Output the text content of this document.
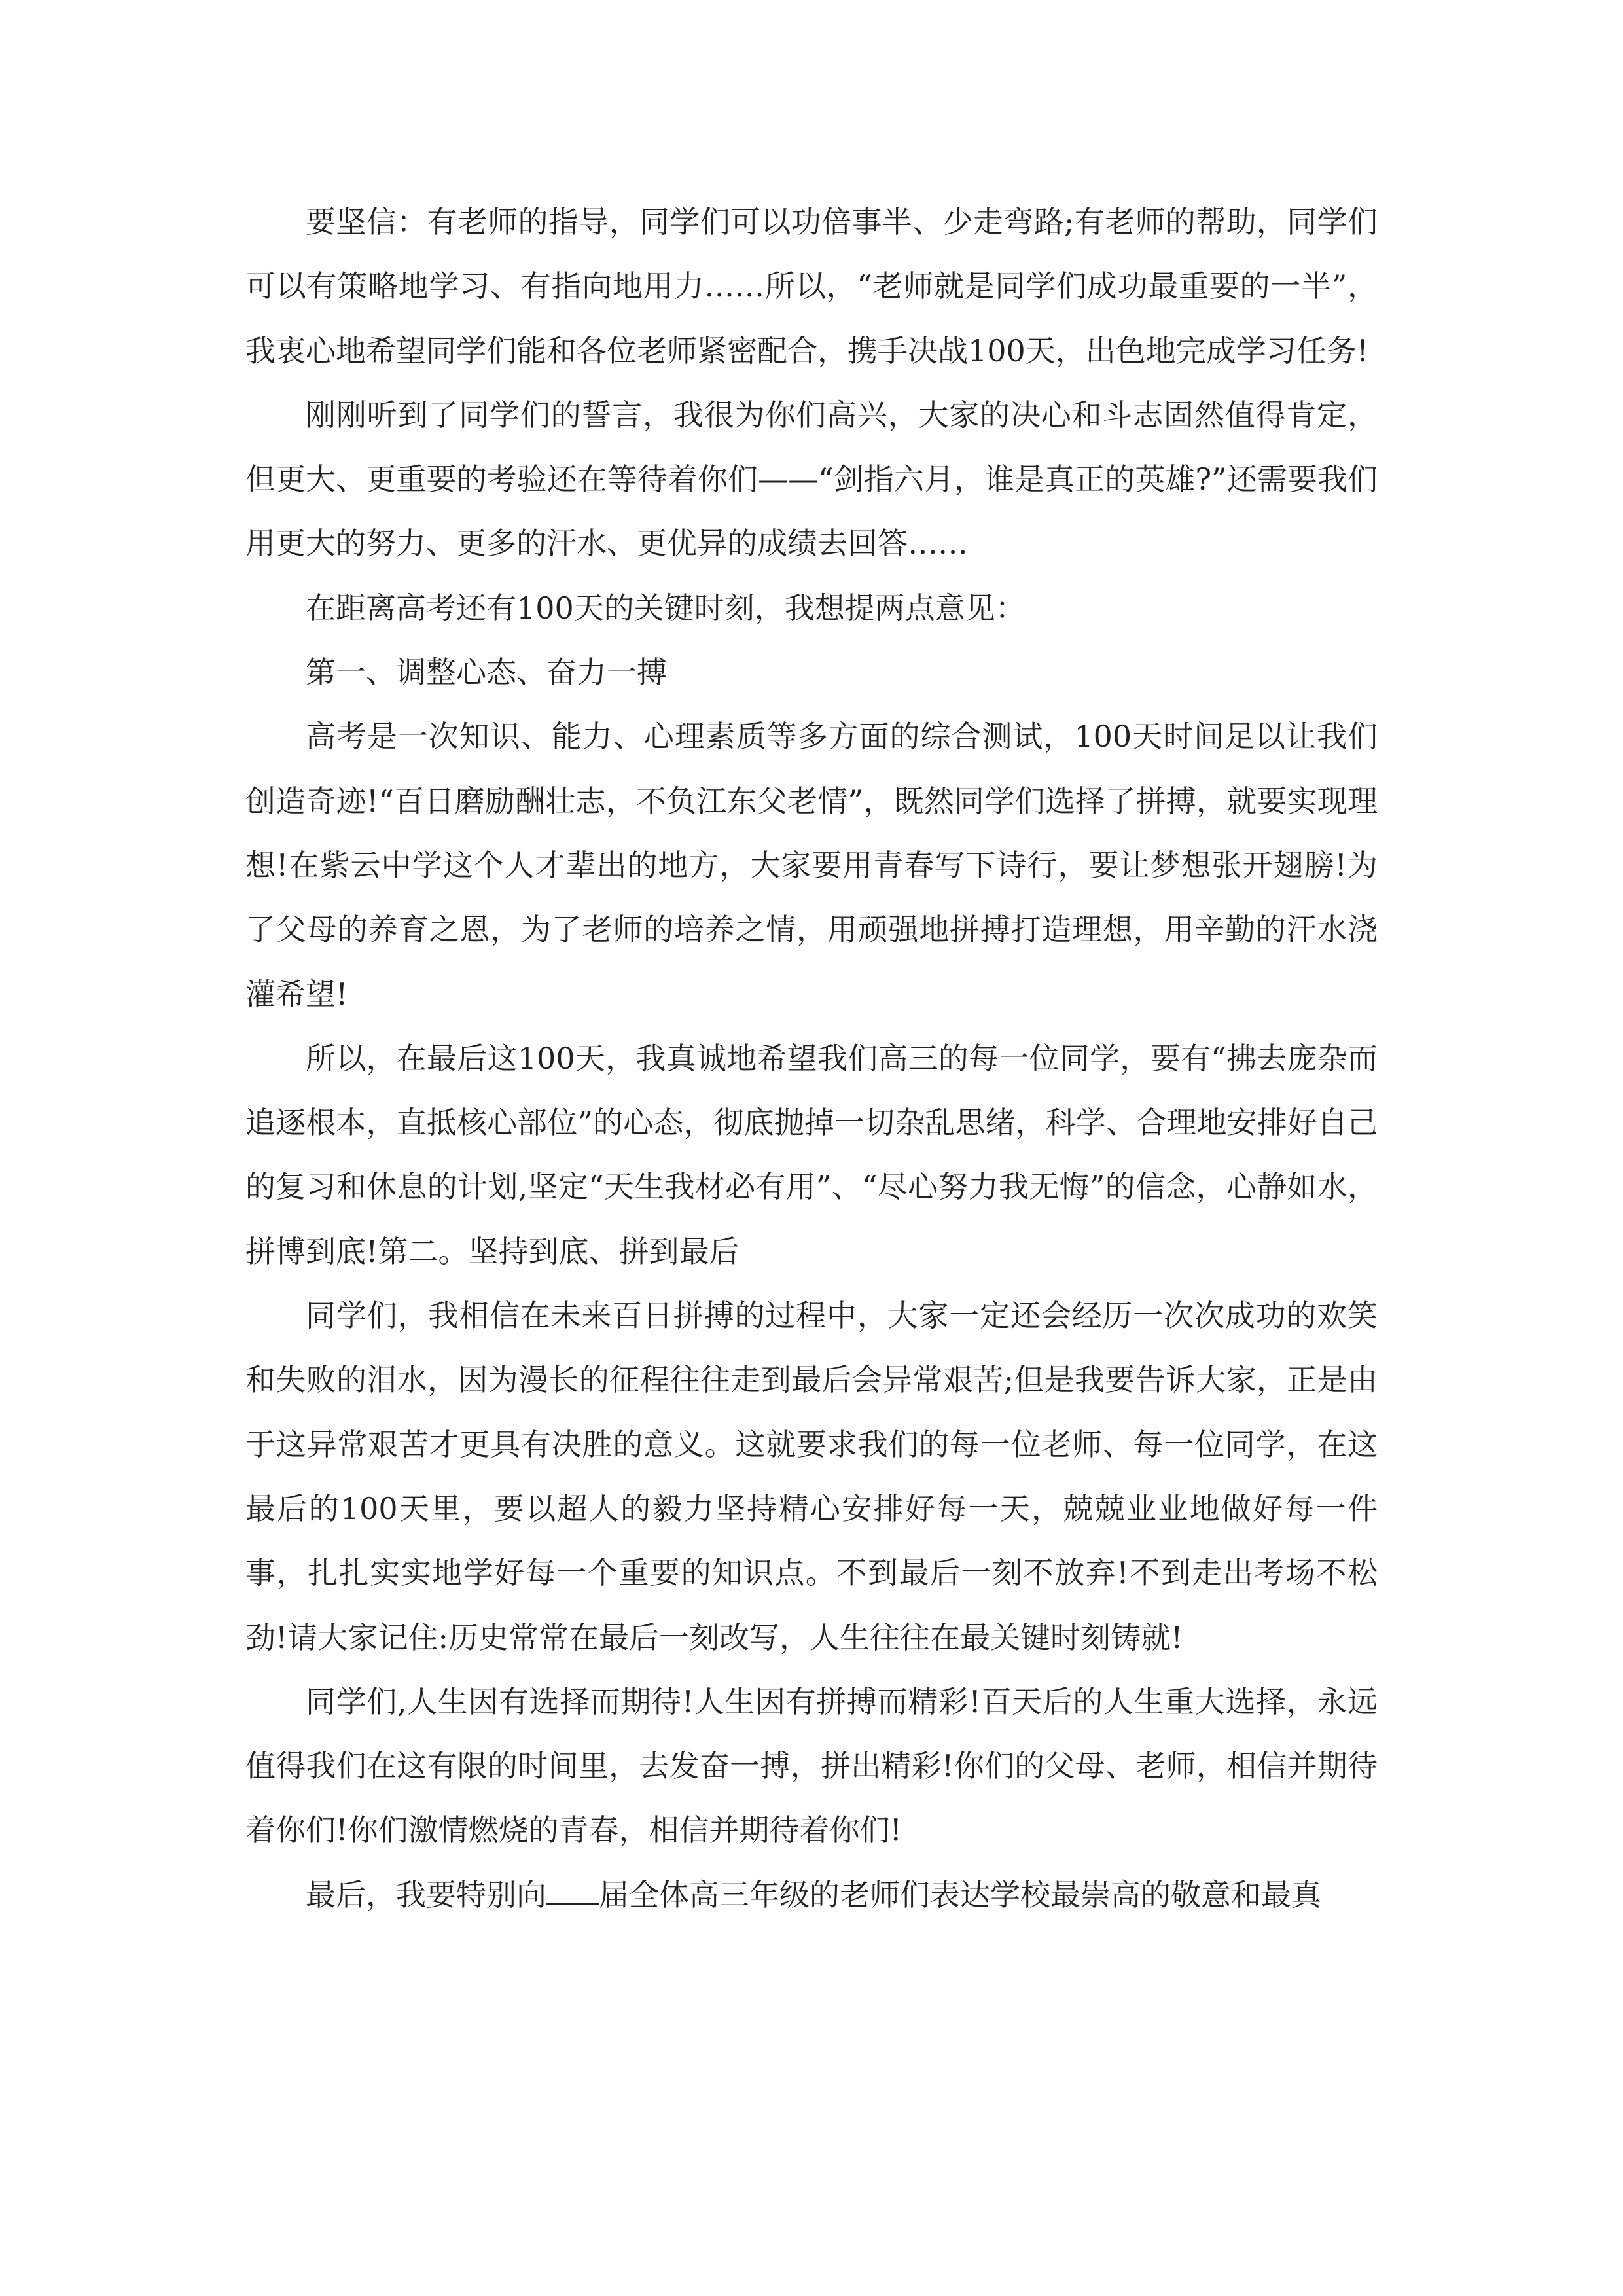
要坚信：有老师的指导，同学们可以功倍事半、少走弯路;有老师的帮助，同学们可以有策略地学习、有指向地用力……所以，“老师就是同学们成功最重要的一半”，我衷心地希望同学们能和各位老师紧密配合，携手决战100天，出色地完成学习任务!

刚刚听到了同学们的誓言，我很为你们高兴，大家的决心和斗志固然值得肯定，但更大、更重要的考验还在等待着你们——“剑指六月，谁是真正的英雄?”还需要我们用更大的努力、更多的汗水、更优异的成绩去回答……

在距离高考还有100天的关键时刻，我想提两点意见：

第一、调整心态、奋力一搏

高考是一次知识、能力、心理素质等多方面的综合测试，100天时间足以让我们创造奇迹!“百日磨励酬壮志，不负江东父老情”，既然同学们选择了拼搏，就要实现理想!在紫云中学这个人才辈出的地方，大家要用青春写下诗行，要让梦想张开翅膀!为了父母的养育之恩，为了老师的培养之情，用顽强地拼搏打造理想，用辛勤的汗水浇灌希望!

所以，在最后这100天，我真诚地希望我们高三的每一位同学，要有“拂去庞杂而追逐根本，直抵核心部位”的心态，彻底抛掉一切杂乱思绪，科学、合理地安排好自己的复习和休息的计划,坚定“天生我材必有用”、“尽心努力我无悔”的信念，心静如水，拼博到底!第二。坚持到底、拼到最后

同学们，我相信在未来百日拼搏的过程中，大家一定还会经历一次次成功的欢笑和失败的泪水，因为漫长的征程往往走到最后会异常艰苦;但是我要告诉大家，正是由于这异常艰苦才更具有决胜的意义。这就要求我们的每一位老师、每一位同学，在这最后的100天里，要以超人的毅力坚持精心安排好每一天，兢兢业业地做好每一件事，扎扎实实地学好每一个重要的知识点。不到最后一刻不放弃!不到走出考场不松劲!请大家记住:历史常常在最后一刻改写，人生往往在最关键时刻铸就!

同学们,人生因有选择而期待!人生因有拼搏而精彩!百天后的人生重大选择，永远值得我们在这有限的时间里，去发奋一搏，拼出精彩!你们的父母、老师，相信并期待着你们!你们激情燃烧的青春，相信并期待着你们!

最后，我要特别向 届全体高三年级的老师们表达学校最崇高的敬意和最真
